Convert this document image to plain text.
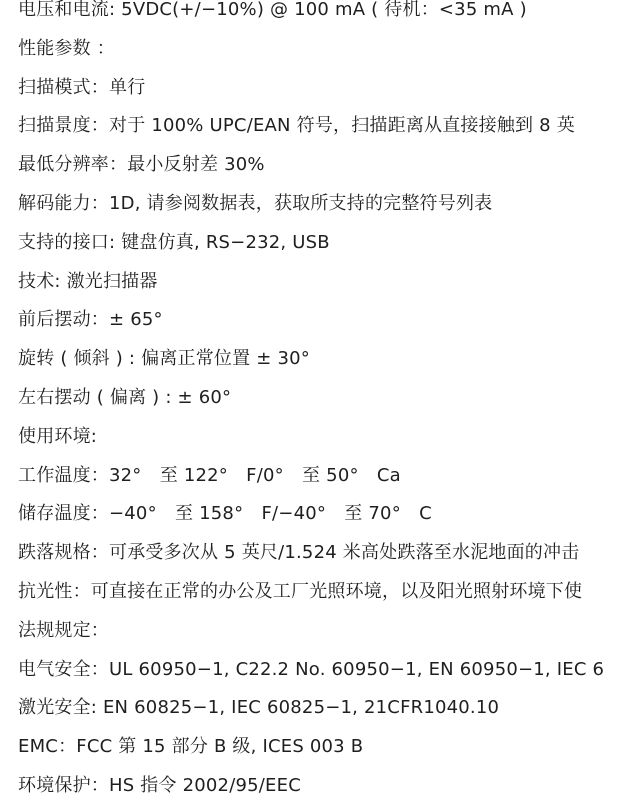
电压和电流: 5VDC(+/−10%) @ 100 mA ( 待机：<35 mA )
性能参数 ：
扫描模式：单行
扫描景度：对于 100% UPC/EAN 符号，扫描距离从直接接触到 8 英
最低分辨率：最小反射差 30%
解码能力：1D, 请参阅数据表，获取所支持的完整符号列表
支持的接口: 键盘仿真, RS−232, USB
技术: 激光扫描器
前后摆动：± 65°
旋转 ( 倾斜 ) : 偏离正常位置 ± 30°
左右摆动 ( 偏离 ) : ± 60°
使用环境:
工作温度：32°　至 122°　F/0°　至 50°　Ca
储存温度：−40°　至 158°　F/−40°　至 70°　C
跌落规格：可承受多次从 5 英尺/1.524 米高处跌落至水泥地面的冲击
抗光性：可直接在正常的办公及工厂光照环境，以及阳光照射环境下使
法规规定：
电气安全：UL 60950−1, C22.2 No. 60950−1, EN 60950−1, IEC 6
激光安全: EN 60825−1, IEC 60825−1, 21CFR1040.10
EMC：FCC 第 15 部分 B 级, ICES 003 B
环境保护：HS 指令 2002/95/EEC
